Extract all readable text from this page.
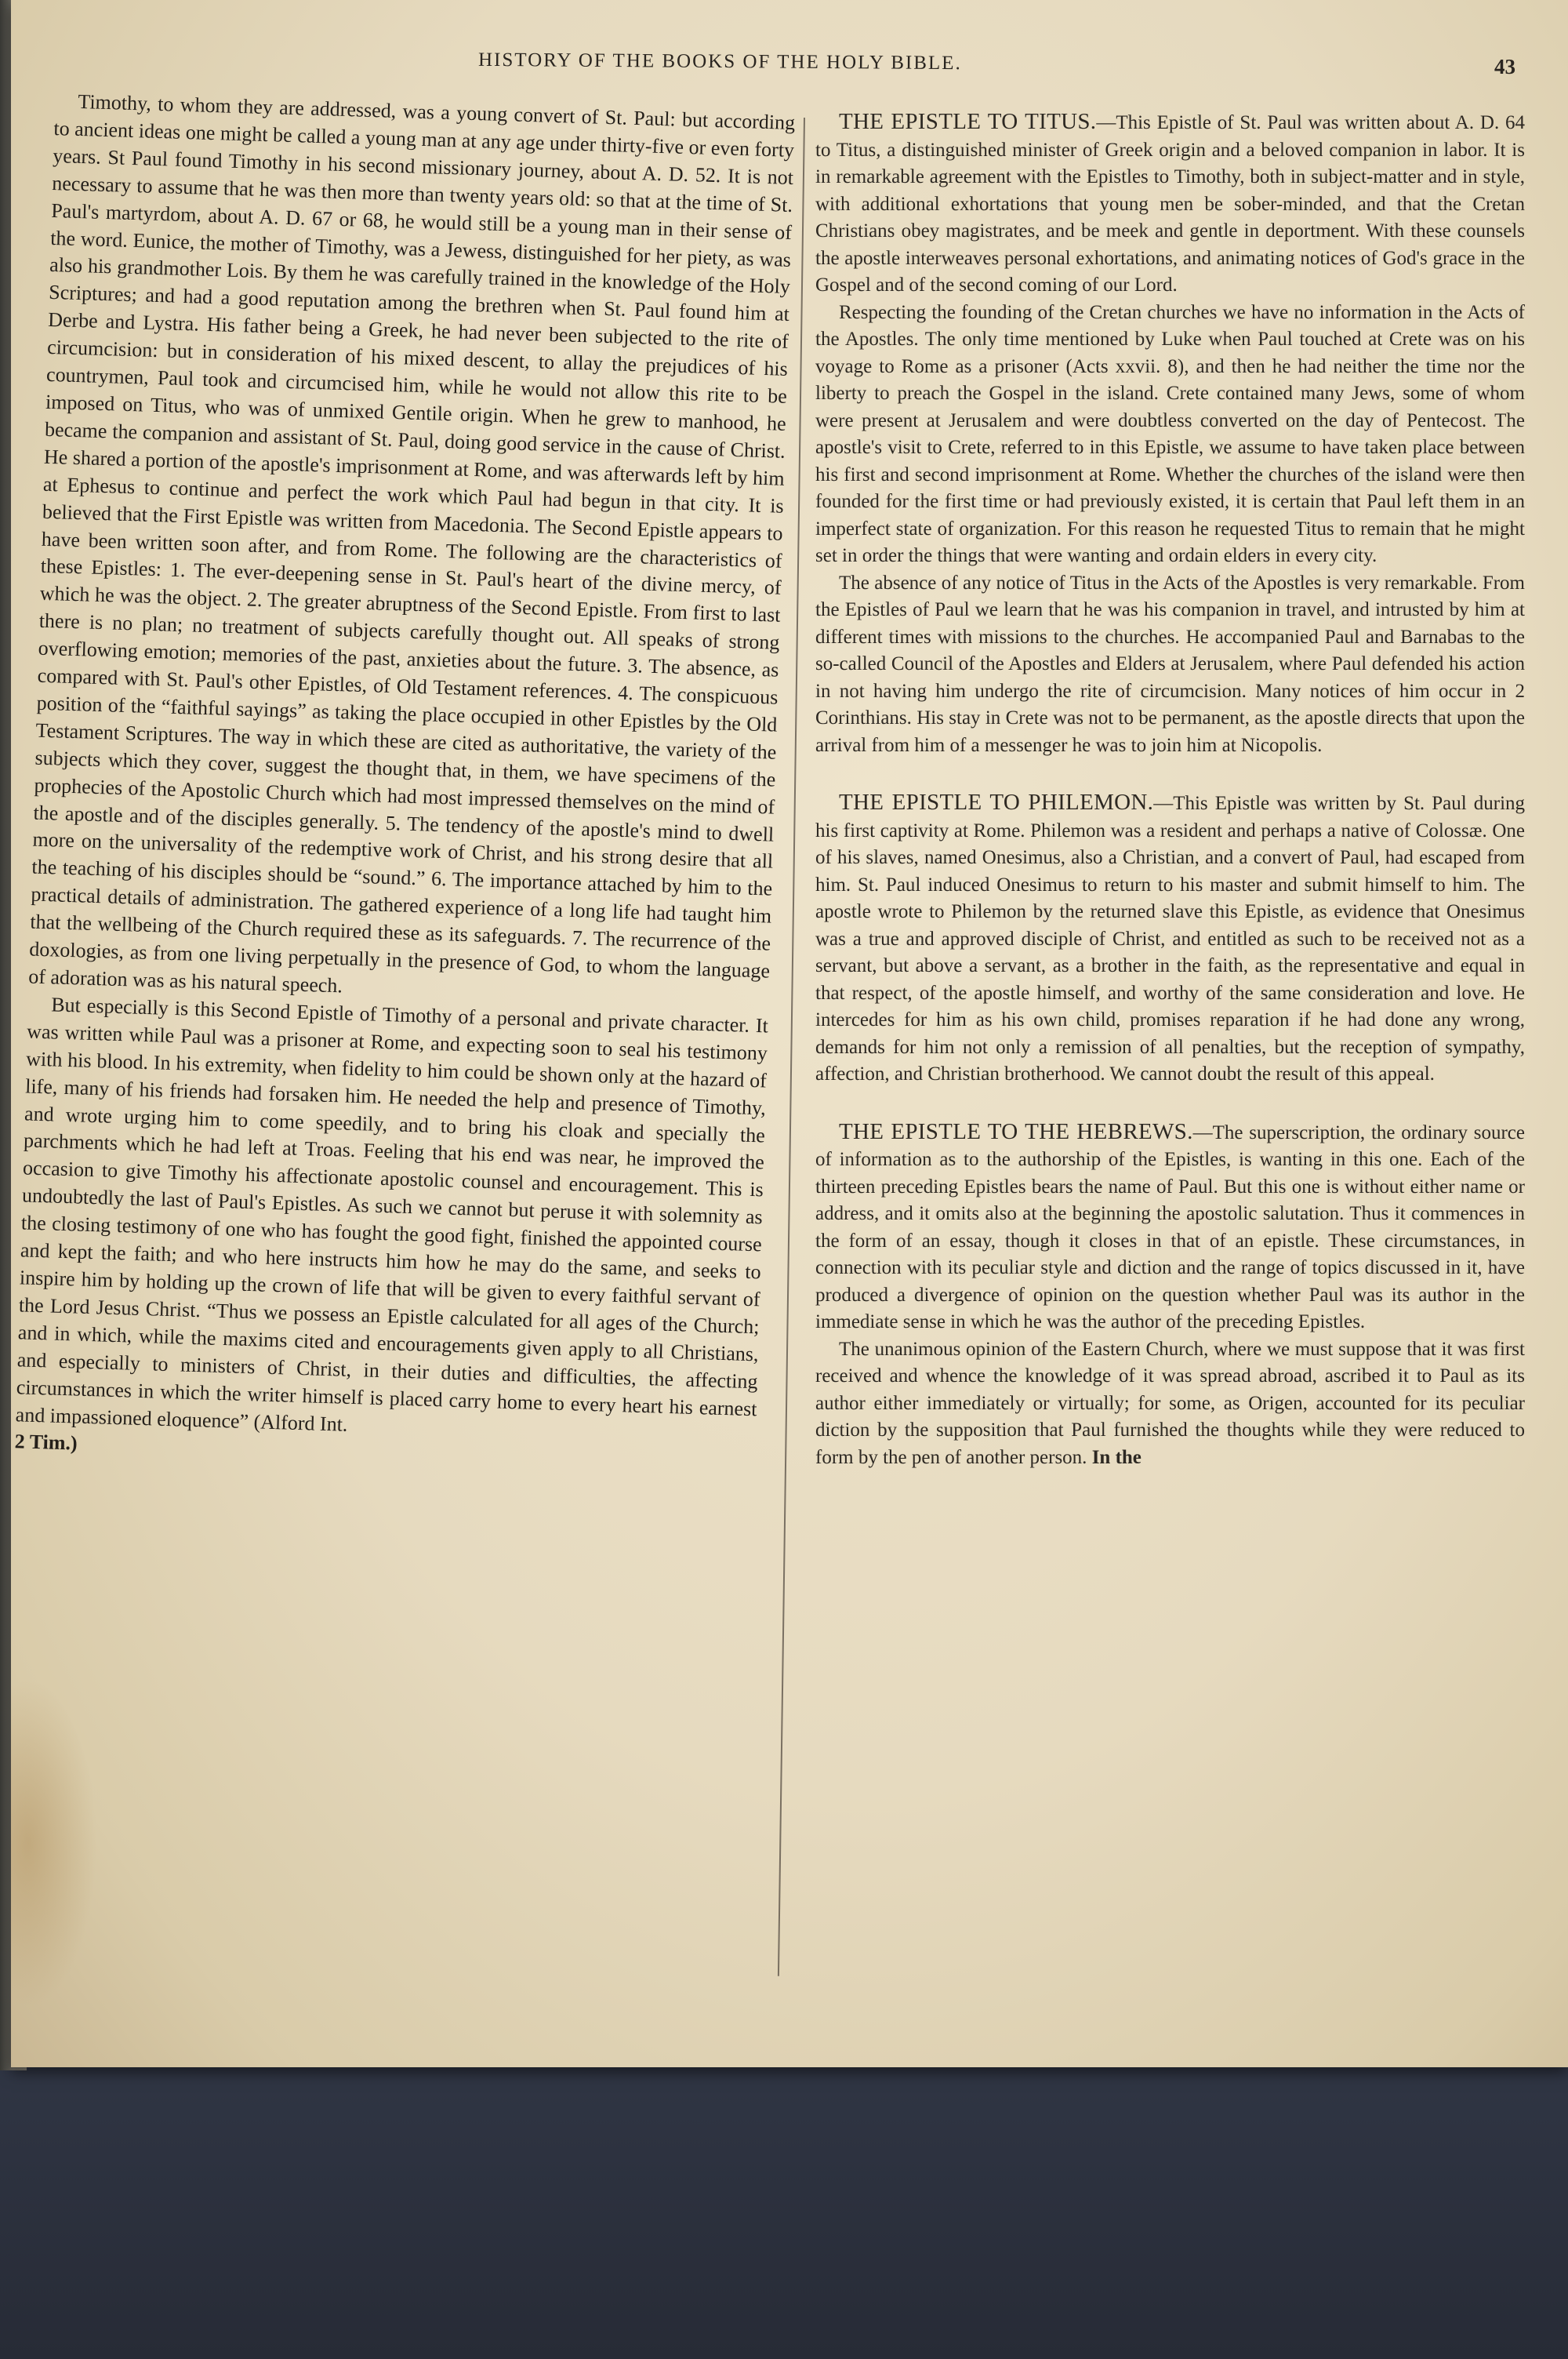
HISTORY OF THE BOOKS OF THE HOLY BIBLE.	43

Timothy, to whom they are addressed, was a young convert of St. Paul: but according to ancient ideas one might be called a young man at any age under thirty-five or even forty years. St Paul found Timothy in his second missionary journey, about A. D. 52. It is not necessary to assume that he was then more than twenty years old: so that at the time of St. Paul's martyrdom, about A. D. 67 or 68, he would still be a young man in their sense of the word. Eunice, the mother of Timothy, was a Jewess, distinguished for her piety, as was also his grandmother Lois. By them he was carefully trained in the knowledge of the Holy Scriptures; and had a good reputation among the brethren when St. Paul found him at Derbe and Lystra. His father being a Greek, he had never been subjected to the rite of circumcision: but in consideration of his mixed descent, to allay the prejudices of his countrymen, Paul took and circumcised him, while he would not allow this rite to be imposed on Titus, who was of unmixed Gentile origin. When he grew to manhood, he became the companion and assistant of St. Paul, doing good service in the cause of Christ. He shared a portion of the apostle's imprisonment at Rome, and was afterwards left by him at Ephesus to continue and perfect the work which Paul had begun in that city. It is believed that the First Epistle was written from Macedonia. The Second Epistle appears to have been written soon after, and from Rome. The following are the characteristics of these Epistles: 1. The ever-deepening sense in St. Paul's heart of the divine mercy, of which he was the object. 2. The greater abruptness of the Second Epistle. From first to last there is no plan; no treatment of subjects carefully thought out. All speaks of strong overflowing emotion; memories of the past, anxieties about the future. 3. The absence, as compared with St. Paul's other Epistles, of Old Testament references. 4. The conspicuous position of the “faithful sayings” as taking the place occupied in other Epistles by the Old Testament Scriptures. The way in which these are cited as authoritative, the variety of the subjects which they cover, suggest the thought that, in them, we have specimens of the prophecies of the Apostolic Church which had most impressed themselves on the mind of the apostle and of the disciples generally. 5. The tendency of the apostle's mind to dwell more on the universality of the redemptive work of Christ, and his strong desire that all the teaching of his disciples should be “sound.” 6. The importance attached by him to the practical details of administration. The gathered experience of a long life had taught him that the wellbeing of the Church required these as its safeguards. 7. The recurrence of the doxologies, as from one living perpetually in the presence of God, to whom the language of adoration was as his natural speech.

But especially is this Second Epistle of Timothy of a personal and private character. It was written while Paul was a prisoner at Rome, and expecting soon to seal his testimony with his blood. In his extremity, when fidelity to him could be shown only at the hazard of life, many of his friends had forsaken him. He needed the help and presence of Timothy, and wrote urging him to come speedily, and to bring his cloak and specially the parchments which he had left at Troas. Feeling that his end was near, he improved the occasion to give Timothy his affectionate apostolic counsel and encouragement. This is undoubtedly the last of Paul's Epistles. As such we cannot but peruse it with solemnity as the closing testimony of one who has fought the good fight, finished the appointed course and kept the faith; and who here instructs him how he may do the same, and seeks to inspire him by holding up the crown of life that will be given to every faithful servant of the Lord Jesus Christ. “Thus we possess an Epistle calculated for all ages of the Church; and in which, while the maxims cited and encouragements given apply to all Christians, and especially to ministers of Christ, in their duties and difficulties, the affecting circumstances in which the writer himself is placed carry home to every heart his earnest and impassioned eloquence” (Alford Int.

2 Tim.)

THE EPISTLE TO TITUS.—This Epistle of St. Paul was written about A. D. 64 to Titus, a distinguished minister of Greek origin and a beloved companion in labor. It is in remarkable agreement with the Epistles to Timothy, both in subject-matter and in style, with additional exhortations that young men be sober-minded, and that the Cretan Christians obey magistrates, and be meek and gentle in deportment. With these counsels the apostle interweaves personal exhortations, and animating notices of God's grace in the Gospel and of the second coming of our Lord.

Respecting the founding of the Cretan churches we have no information in the Acts of the Apostles. The only time mentioned by Luke when Paul touched at Crete was on his voyage to Rome as a prisoner (Acts xxvii. 8), and then he had neither the time nor the liberty to preach the Gospel in the island. Crete contained many Jews, some of whom were present at Jerusalem and were doubtless converted on the day of Pentecost. The apostle's visit to Crete, referred to in this Epistle, we assume to have taken place between his first and second imprisonment at Rome. Whether the churches of the island were then founded for the first time or had previously existed, it is certain that Paul left them in an imperfect state of organization. For this reason he requested Titus to remain that he might set in order the things that were wanting and ordain elders in every city.

The absence of any notice of Titus in the Acts of the Apostles is very remarkable. From the Epistles of Paul we learn that he was his companion in travel, and intrusted by him at different times with missions to the churches. He accompanied Paul and Barnabas to the so-called Council of the Apostles and Elders at Jerusalem, where Paul defended his action in not having him undergo the rite of circumcision. Many notices of him occur in 2 Corinthians. His stay in Crete was not to be permanent, as the apostle directs that upon the arrival from him of a messenger he was to join him at Nicopolis.

THE EPISTLE TO PHILEMON.—This Epistle was written by St. Paul during his first captivity at Rome. Philemon was a resident and perhaps a native of Colossæ. One of his slaves, named Onesimus, also a Christian, and a convert of Paul, had escaped from him. St. Paul induced Onesimus to return to his master and submit himself to him. The apostle wrote to Philemon by the returned slave this Epistle, as evidence that Onesimus was a true and approved disciple of Christ, and entitled as such to be received not as a servant, but above a servant, as a brother in the faith, as the representative and equal in that respect, of the apostle himself, and worthy of the same consideration and love. He intercedes for him as his own child, promises reparation if he had done any wrong, demands for him not only a remission of all penalties, but the reception of sympathy, affection, and Christian brotherhood. We cannot doubt the result of this appeal.

THE EPISTLE TO THE HEBREWS.—The superscription, the ordinary source of information as to the authorship of the Epistles, is wanting in this one. Each of the thirteen preceding Epistles bears the name of Paul. But this one is without either name or address, and it omits also at the beginning the apostolic salutation. Thus it commences in the form of an essay, though it closes in that of an epistle. These circumstances, in connection with its peculiar style and diction and the range of topics discussed in it, have produced a divergence of opinion on the question whether Paul was its author in the immediate sense in which he was the author of the preceding Epistles.

The unanimous opinion of the Eastern Church, where we must suppose that it was first received and whence the knowledge of it was spread abroad, ascribed it to Paul as its author either immediately or virtually; for some, as Origen, accounted for its peculiar diction by the supposition that Paul furnished the thoughts while they were reduced to form by the pen of another person. In the
